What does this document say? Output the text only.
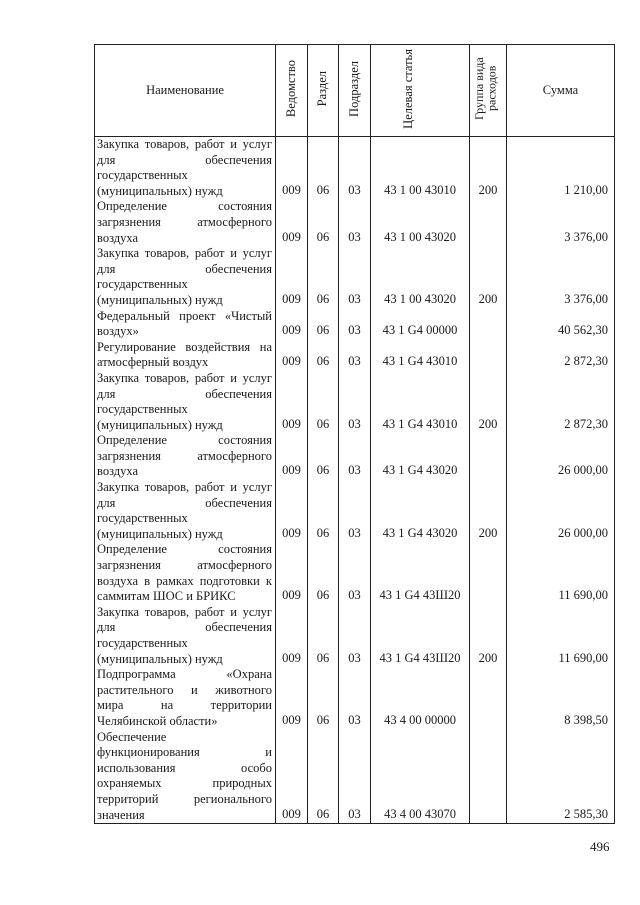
Наименование	Ведомство	Раздел	Подраздел	Целевая статья	Группа вида расходов	Сумма
Закупка товаров, работ и услуг для обеспечения государственных (муниципальных) нужд	009	06	03	43 1 00 43010	200	1 210,00
Определение состояния загрязнения атмосферного воздуха	009	06	03	43 1 00 43020		3 376,00
Закупка товаров, работ и услуг для обеспечения государственных (муниципальных) нужд	009	06	03	43 1 00 43020	200	3 376,00
Федеральный проект «Чистый воздух»	009	06	03	43 1 G4 00000		40 562,30
Регулирование воздействия на атмосферный воздух	009	06	03	43 1 G4 43010		2 872,30
Закупка товаров, работ и услуг для обеспечения государственных (муниципальных) нужд	009	06	03	43 1 G4 43010	200	2 872,30
Определение состояния загрязнения атмосферного воздуха	009	06	03	43 1 G4 43020		26 000,00
Закупка товаров, работ и услуг для обеспечения государственных (муниципальных) нужд	009	06	03	43 1 G4 43020	200	26 000,00
Определение состояния загрязнения атмосферного воздуха в рамках подготовки к саммитам ШОС и БРИКС	009	06	03	43 1 G4 43Ш20		11 690,00
Закупка товаров, работ и услуг для обеспечения государственных (муниципальных) нужд	009	06	03	43 1 G4 43Ш20	200	11 690,00
Подпрограмма «Охрана растительного и животного мира на территории Челябинской области»	009	06	03	43 4 00 00000		8 398,50
Обеспечение функционирования и использования особо охраняемых природных территорий регионального значения	009	06	03	43 4 00 43070		2 585,30
496
